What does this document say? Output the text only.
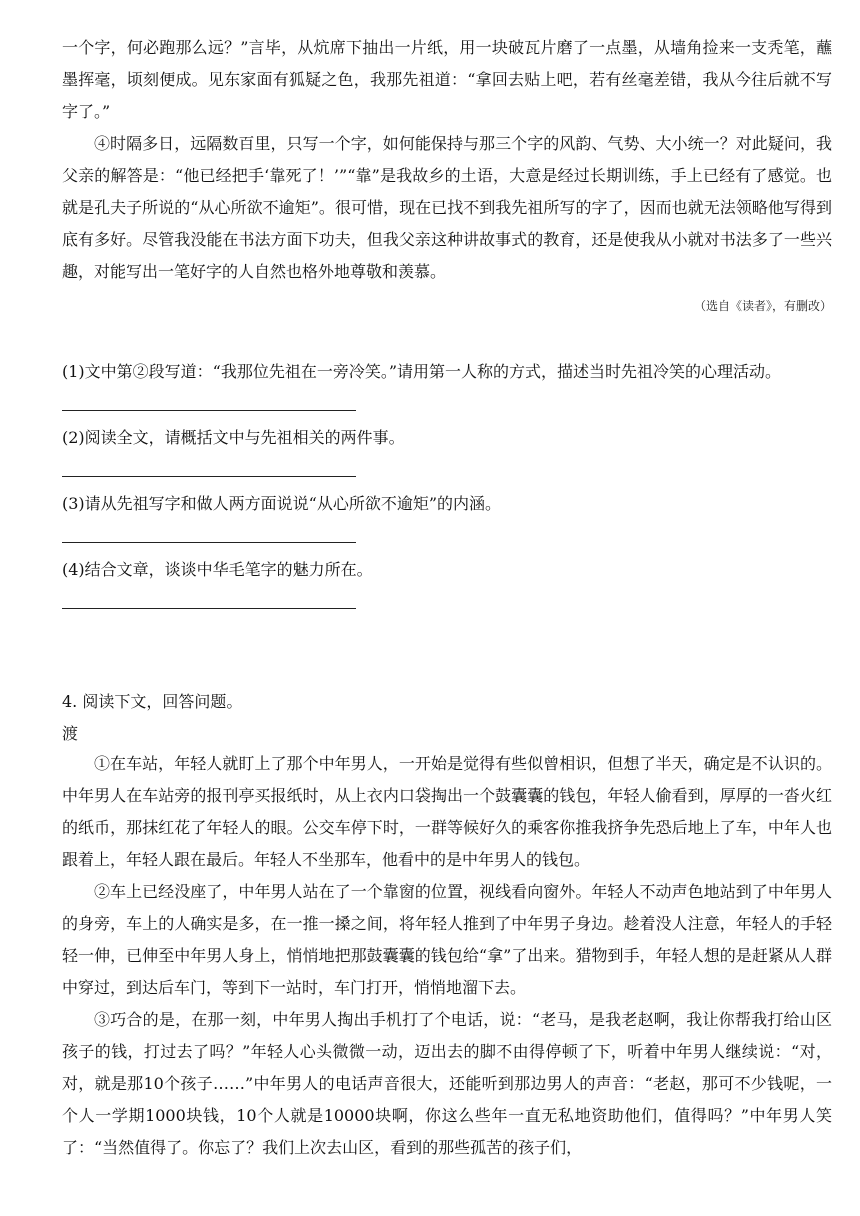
一个字，何必跑那么远？”言毕，从炕席下抽出一片纸，用一块破瓦片磨了一点墨，从墙角捡来一支秃笔，蘸墨挥毫，顷刻便成。见东家面有狐疑之色，我那先祖道：“拿回去贴上吧，若有丝毫差错，我从今往后就不写字了。”

④时隔多日，远隔数百里，只写一个字，如何能保持与那三个字的风韵、气势、大小统一？对此疑问，我父亲的解答是：“他已经把手‘靠死了！’”“靠”是我故乡的土语，大意是经过长期训练，手上已经有了感觉。也就是孔夫子所说的“从心所欲不逾矩”。很可惜，现在已找不到我先祖所写的字了，因而也就无法领略他写得到底有多好。尽管我没能在书法方面下功夫，但我父亲这种讲故事式的教育，还是使我从小就对书法多了一些兴趣，对能写出一笔好字的人自然也格外地尊敬和羡慕。

（选自《读者》，有删改）
(1)文中第②段写道：“我那位先祖在一旁冷笑。”请用第一人称的方式，描述当时先祖冷笑的心理活动。
(2)阅读全文，请概括文中与先祖相关的两件事。
(3)请从先祖写字和做人两方面说说“从心所欲不逾矩”的内涵。
(4)结合文章，谈谈中华毛笔字的魅力所在。
4. 阅读下文，回答问题。
渡

①在车站，年轻人就盯上了那个中年男人，一开始是觉得有些似曾相识，但想了半天，确定是不认识的。中年男人在车站旁的报刊亭买报纸时，从上衣内口袋掏出一个鼓囊囊的钱包，年轻人偷看到，厚厚的一沓火红的纸币，那抹红花了年轻人的眼。公交车停下时，一群等候好久的乘客你推我挤争先恐后地上了车，中年人也跟着上，年轻人跟在最后。年轻人不坐那车，他看中的是中年男人的钱包。

②车上已经没座了，中年男人站在了一个靠窗的位置，视线看向窗外。年轻人不动声色地站到了中年男人的身旁，车上的人确实是多，在一推一搡之间，将年轻人推到了中年男子身边。趁着没人注意，年轻人的手轻轻一伸，已伸至中年男人身上，悄悄地把那鼓囊囊的钱包给“拿”了出来。猎物到手，年轻人想的是赶紧从人群中穿过，到达后车门，等到下一站时，车门打开，悄悄地溜下去。

③巧合的是，在那一刻，中年男人掏出手机打了个电话，说：“老马，是我老赵啊，我让你帮我打给山区孩子的钱，打过去了吗？”年轻人心头微微一动，迈出去的脚不由得停顿了下，听着中年男人继续说：“对，对，就是那10个孩子……”中年男人的电话声音很大，还能听到那边男人的声音：“老赵，那可不少钱呢，一个人一学期1000块钱，10个人就是10000块啊，你这么些年一直无私地资助他们，值得吗？”中年男人笑了：“当然值得了。你忘了？我们上次去山区，看到的那些孤苦的孩子们，
